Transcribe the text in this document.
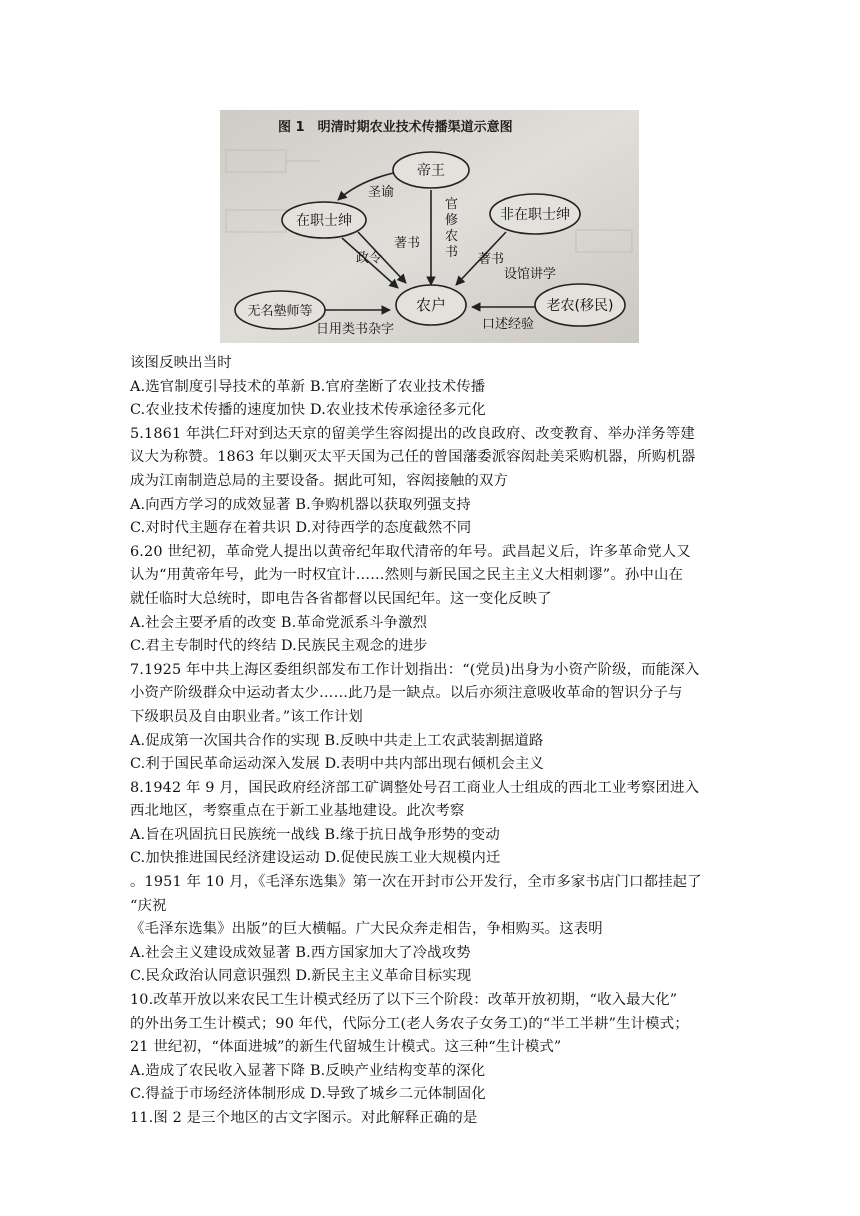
图 1　明清时期农业技术传播渠道示意图
帝王
在职士绅	非在职士绅
农户
无名塾师等	老农(移民)
圣谕
政令
著书
著书
设馆讲学
日用类书杂字	口述经验
官修农书
该图反映出当时
A.选官制度引导技术的革新 B.官府垄断了农业技术传播
C.农业技术传播的速度加快 D.农业技术传承途径多元化
5.1861 年洪仁玕对到达天京的留美学生容闳提出的改良政府、改变教育、举办洋务等建
议大为称赞。1863 年以剿灭太平天国为己任的曾国藩委派容闳赴美采购机器，所购机器
成为江南制造总局的主要设备。据此可知，容闳接触的双方
A.向西方学习的成效显著 B.争购机器以获取列强支持
C.对时代主题存在着共识 D.对待西学的态度截然不同
6.20 世纪初，革命党人提出以黄帝纪年取代清帝的年号。武昌起义后，许多革命党人又
认为“用黄帝年号，此为一时权宜计……然则与新民国之民主主义大相刺谬”。孙中山在
就任临时大总统时，即电告各省都督以民国纪年。这一变化反映了
A.社会主要矛盾的改变 B.革命党派系斗争激烈
C.君主专制时代的终结 D.民族民主观念的进步
7.1925 年中共上海区委组织部发布工作计划指出：“(党员)出身为小资产阶级，而能深入
小资产阶级群众中运动者太少……此乃是一缺点。以后亦须注意吸收革命的智识分子与
下级职员及自由职业者。”该工作计划
A.促成第一次国共合作的实现 B.反映中共走上工农武装割据道路
C.利于国民革命运动深入发展 D.表明中共内部出现右倾机会主义
8.1942 年 9 月，国民政府经济部工矿调整处号召工商业人士组成的西北工业考察团进入
西北地区，考察重点在于新工业基地建设。此次考察
A.旨在巩固抗日民族统一战线 B.缘于抗日战争形势的变动
C.加快推进国民经济建设运动 D.促使民族工业大规模内迁
。1951 年 10 月，《毛泽东选集》第一次在开封市公开发行，全市多家书店门口都挂起了
“庆祝
《毛泽东选集》出版”的巨大横幅。广大民众奔走相告，争相购买。这表明
A.社会主义建设成效显著 B.西方国家加大了冷战攻势
C.民众政治认同意识强烈 D.新民主主义革命目标实现
10.改革开放以来农民工生计模式经历了以下三个阶段：改革开放初期，“收入最大化”
的外出务工生计模式；90 年代，代际分工(老人务农子女务工)的“半工半耕”生计模式；
21 世纪初，“体面进城”的新生代留城生计模式。这三种“生计模式”
A.造成了农民收入显著下降 B.反映产业结构变革的深化
C.得益于市场经济体制形成 D.导致了城乡二元体制固化
11.图 2 是三个地区的古文字图示。对此解释正确的是
